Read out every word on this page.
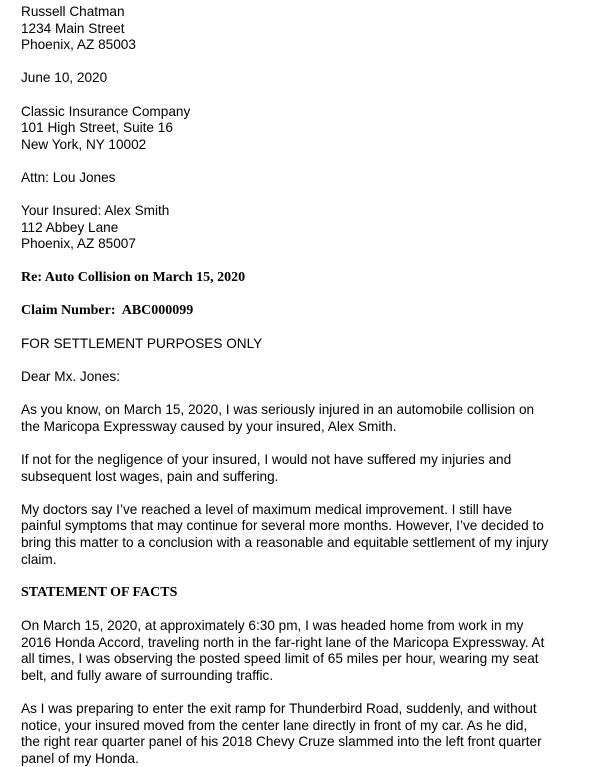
Russell Chatman
1234 Main Street
Phoenix, AZ 85003
June 10, 2020
Classic Insurance Company
101 High Street, Suite 16
New York, NY 10002
Attn: Lou Jones
Your Insured: Alex Smith
112 Abbey Lane
Phoenix, AZ 85007
Re: Auto Collision on March 15, 2020
Claim Number:  ABC000099
FOR SETTLEMENT PURPOSES ONLY
Dear Mx. Jones:
As you know, on March 15, 2020, I was seriously injured in an automobile collision on
the Maricopa Expressway caused by your insured, Alex Smith.
If not for the negligence of your insured, I would not have suffered my injuries and
subsequent lost wages, pain and suffering.
My doctors say I’ve reached a level of maximum medical improvement. I still have
painful symptoms that may continue for several more months. However, I’ve decided to
bring this matter to a conclusion with a reasonable and equitable settlement of my injury
claim.
STATEMENT OF FACTS
On March 15, 2020, at approximately 6:30 pm, I was headed home from work in my
2016 Honda Accord, traveling north in the far-right lane of the Maricopa Expressway. At
all times, I was observing the posted speed limit of 65 miles per hour, wearing my seat
belt, and fully aware of surrounding traffic.
As I was preparing to enter the exit ramp for Thunderbird Road, suddenly, and without
notice, your insured moved from the center lane directly in front of my car. As he did,
the right rear quarter panel of his 2018 Chevy Cruze slammed into the left front quarter
panel of my Honda.
